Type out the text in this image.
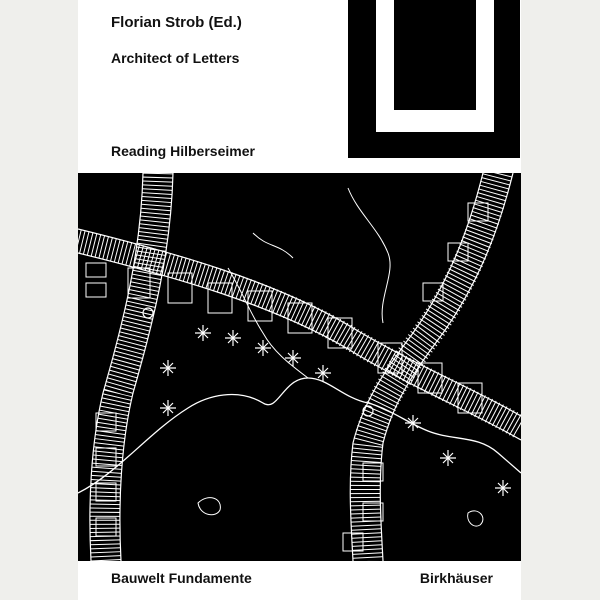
Florian Strob (Ed.)
Architect of Letters
Reading Hilberseimer
Bauwelt Fundamente	Birkhäuser
